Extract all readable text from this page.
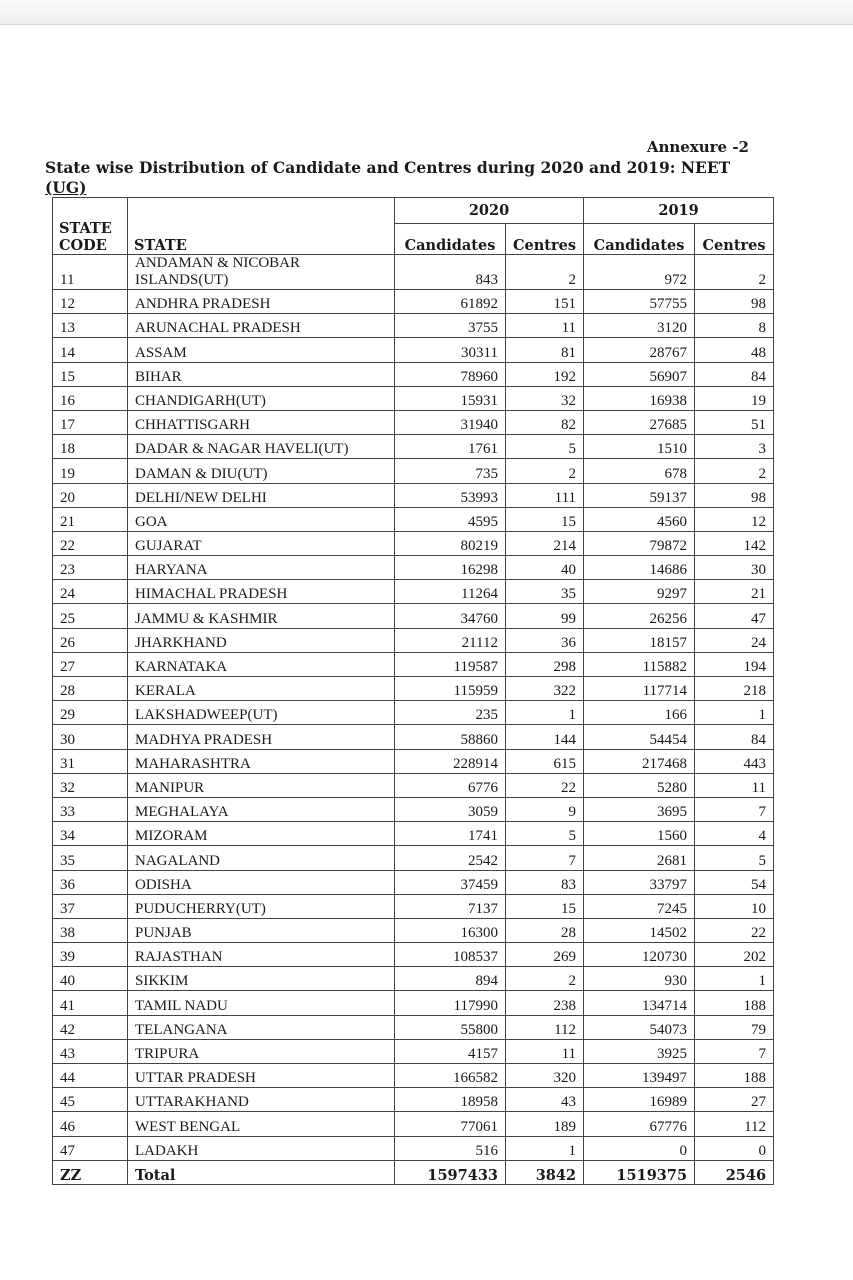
Annexure -2
State wise Distribution of Candidate and Centres during 2020 and 2019: NEET
(UG)
STATE CODE	STATE	2020		2019	
		Candidates	Centres	Candidates	Centres
11	ANDAMAN & NICOBAR ISLANDS(UT)	843	2	972	2
12	ANDHRA PRADESH	61892	151	57755	98
13	ARUNACHAL PRADESH	3755	11	3120	8
14	ASSAM	30311	81	28767	48
15	BIHAR	78960	192	56907	84
16	CHANDIGARH(UT)	15931	32	16938	19
17	CHHATTISGARH	31940	82	27685	51
18	DADAR & NAGAR HAVELI(UT)	1761	5	1510	3
19	DAMAN & DIU(UT)	735	2	678	2
20	DELHI/NEW DELHI	53993	111	59137	98
21	GOA	4595	15	4560	12
22	GUJARAT	80219	214	79872	142
23	HARYANA	16298	40	14686	30
24	HIMACHAL PRADESH	11264	35	9297	21
25	JAMMU & KASHMIR	34760	99	26256	47
26	JHARKHAND	21112	36	18157	24
27	KARNATAKA	119587	298	115882	194
28	KERALA	115959	322	117714	218
29	LAKSHADWEEP(UT)	235	1	166	1
30	MADHYA PRADESH	58860	144	54454	84
31	MAHARASHTRA	228914	615	217468	443
32	MANIPUR	6776	22	5280	11
33	MEGHALAYA	3059	9	3695	7
34	MIZORAM	1741	5	1560	4
35	NAGALAND	2542	7	2681	5
36	ODISHA	37459	83	33797	54
37	PUDUCHERRY(UT)	7137	15	7245	10
38	PUNJAB	16300	28	14502	22
39	RAJASTHAN	108537	269	120730	202
40	SIKKIM	894	2	930	1
41	TAMIL NADU	117990	238	134714	188
42	TELANGANA	55800	112	54073	79
43	TRIPURA	4157	11	3925	7
44	UTTAR PRADESH	166582	320	139497	188
45	UTTARAKHAND	18958	43	16989	27
46	WEST BENGAL	77061	189	67776	112
47	LADAKH	516	1	0	0
ZZ	Total	1597433	3842	1519375	2546
